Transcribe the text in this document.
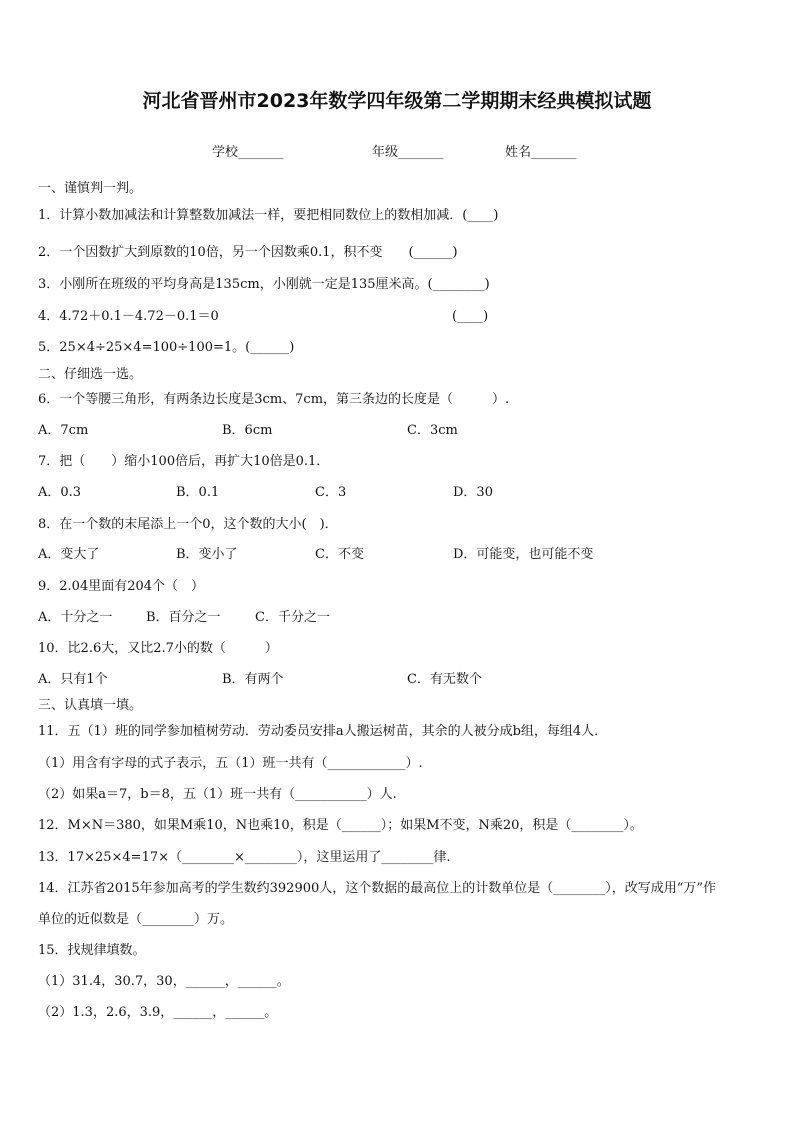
河北省晋州市2023年数学四年级第二学期期末经典模拟试题
学校_______	年级_______	姓名_______
一、谨慎判一判。
1．计算小数加减法和计算整数加减法一样，要把相同数位上的数相加减．(____)
2．一个因数扩大到原数的10倍，另一个因数乘0.1，积不变　　(______)
3．小刚所在班级的平均身高是135cm，小刚就一定是135厘米高。(________)
4．4.72＋0.1－4.72－0.1＝0	(____)
5．25×4÷25×4=100÷100=1。(______)
二、仔细选一选。
6．一个等腰三角形，有两条边长度是3cm、7cm，第三条边的长度是（　　　）.
A．7cm	B．6cm	C．3cm
7．把（　　）缩小100倍后，再扩大10倍是0.1．
A．0.3	B．0.1	C．3	D．30
8．在一个数的末尾添上一个0，这个数的大小(　)．
A．变大了	B．变小了	C．不变	D．可能变，也可能不变
9．2.04里面有204个（　）
A．十分之一	B．百分之一	C．千分之一
10．比2.6大，又比2.7小的数（　　　）
A．只有1个	B．有两个	C．有无数个
三、认真填一填。
11．五（1）班的同学参加植树劳动．劳动委员安排a人搬运树苗，其余的人被分成b组，每组4人．
（1）用含有字母的式子表示，五（1）班一共有（____________）.
（2）如果a＝7，b＝8，五（1）班一共有（___________）人.
12．M×N＝380，如果M乘10，N也乘10，积是（______）；如果M不变，N乘20，积是（________）。
13．17×25×4=17×（________×________），这里运用了________律.
14．江苏省2015年参加高考的学生数约392900人，这个数据的最高位上的计数单位是（________），改写成用“万”作
单位的近似数是（________）万。
15．找规律填数。
（1）31.4，30.7，30，______，______。
（2）1.3，2.6，3.9，______，______。
